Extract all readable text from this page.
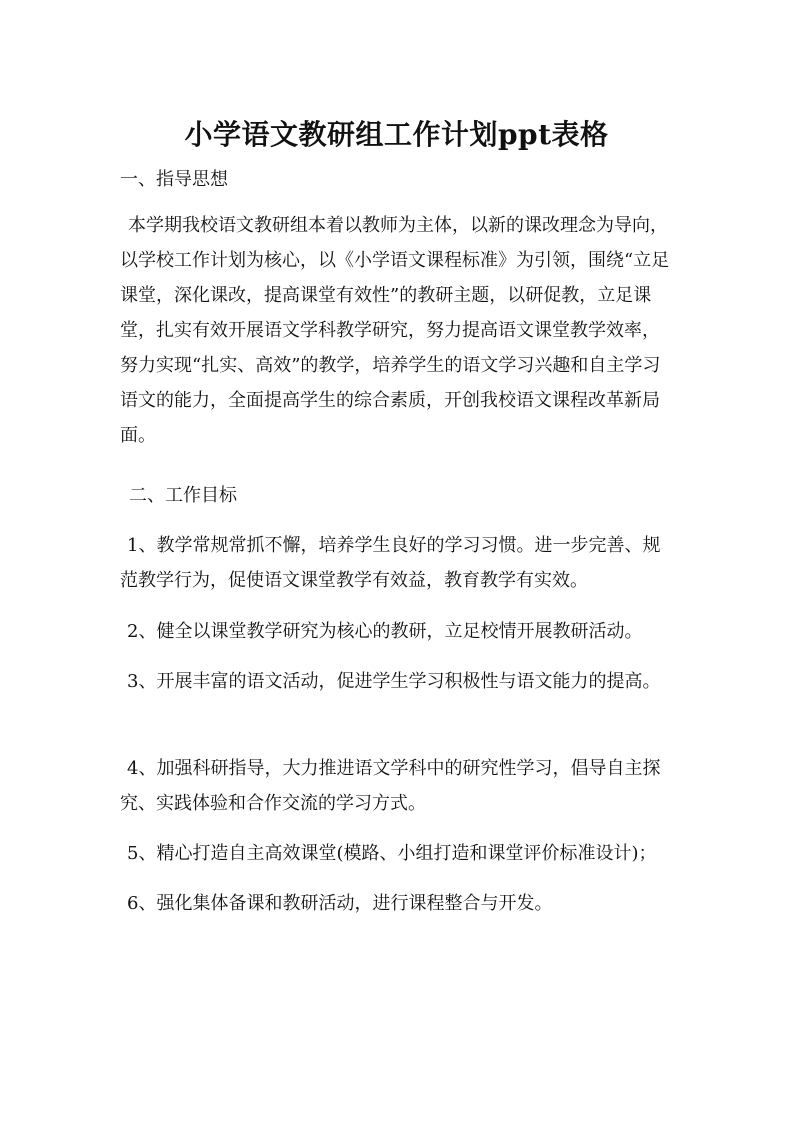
小学语文教研组工作计划ppt表格
一、指导思想

本学期我校语文教研组本着以教师为主体，以新的课改理念为导向，以学校工作计划为核心，以《小学语文课程标准》为引领，围绕“立足课堂，深化课改，提高课堂有效性”的教研主题，以研促教，立足课堂，扎实有效开展语文学科教学研究，努力提高语文课堂教学效率，努力实现“扎实、高效”的教学，培养学生的语文学习兴趣和自主学习语文的能力，全面提高学生的综合素质，开创我校语文课程改革新局面。

二、工作目标

1、教学常规常抓不懈，培养学生良好的学习习惯。进一步完善、规范教学行为，促使语文课堂教学有效益，教育教学有实效。

2、健全以课堂教学研究为核心的教研，立足校情开展教研活动。

3、开展丰富的语文活动，促进学生学习积极性与语文能力的提高。

4、加强科研指导，大力推进语文学科中的研究性学习，倡导自主探究、实践体验和合作交流的学习方式。

5、精心打造自主高效课堂(模路、小组打造和课堂评价标准设计)；

6、强化集体备课和教研活动，进行课程整合与开发。
